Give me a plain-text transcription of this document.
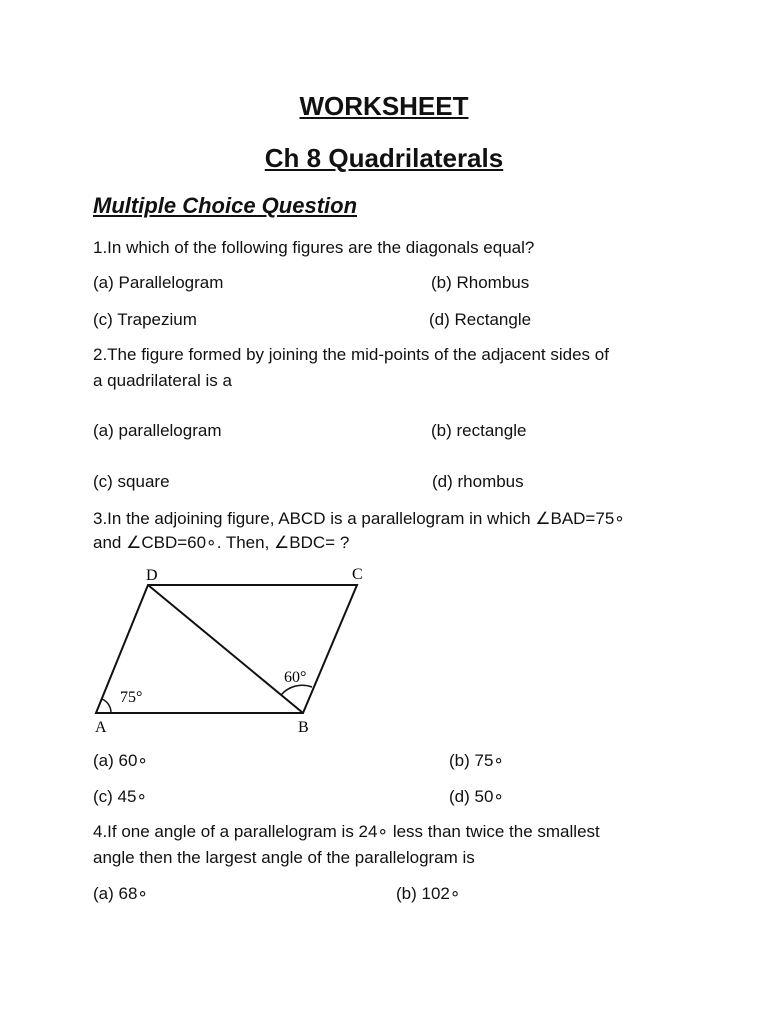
WORKSHEET
Ch 8 Quadrilaterals
Multiple Choice Question

1.In which of the following figures are the diagonals equal?

(a) Parallelogram	(b) Rhombus

(c) Trapezium	(d) Rectangle

2.The figure formed by joining the mid-points of the adjacent sides of

a quadrilateral is a

(a) parallelogram	(b) rectangle

(c) square	(d) rhombus

3.In the adjoining figure, ABCD is a parallelogram in which ∠BAD=75∘

and ∠CBD=60∘. Then, ∠BDC= ?

A	B
C
D
75°
60°

(a) 60∘	(b) 75∘

(c) 45∘	(d) 50∘

4.If one angle of a parallelogram is 24∘ less than twice the smallest

angle then the largest angle of the parallelogram is

(a) 68∘	(b) 102∘
